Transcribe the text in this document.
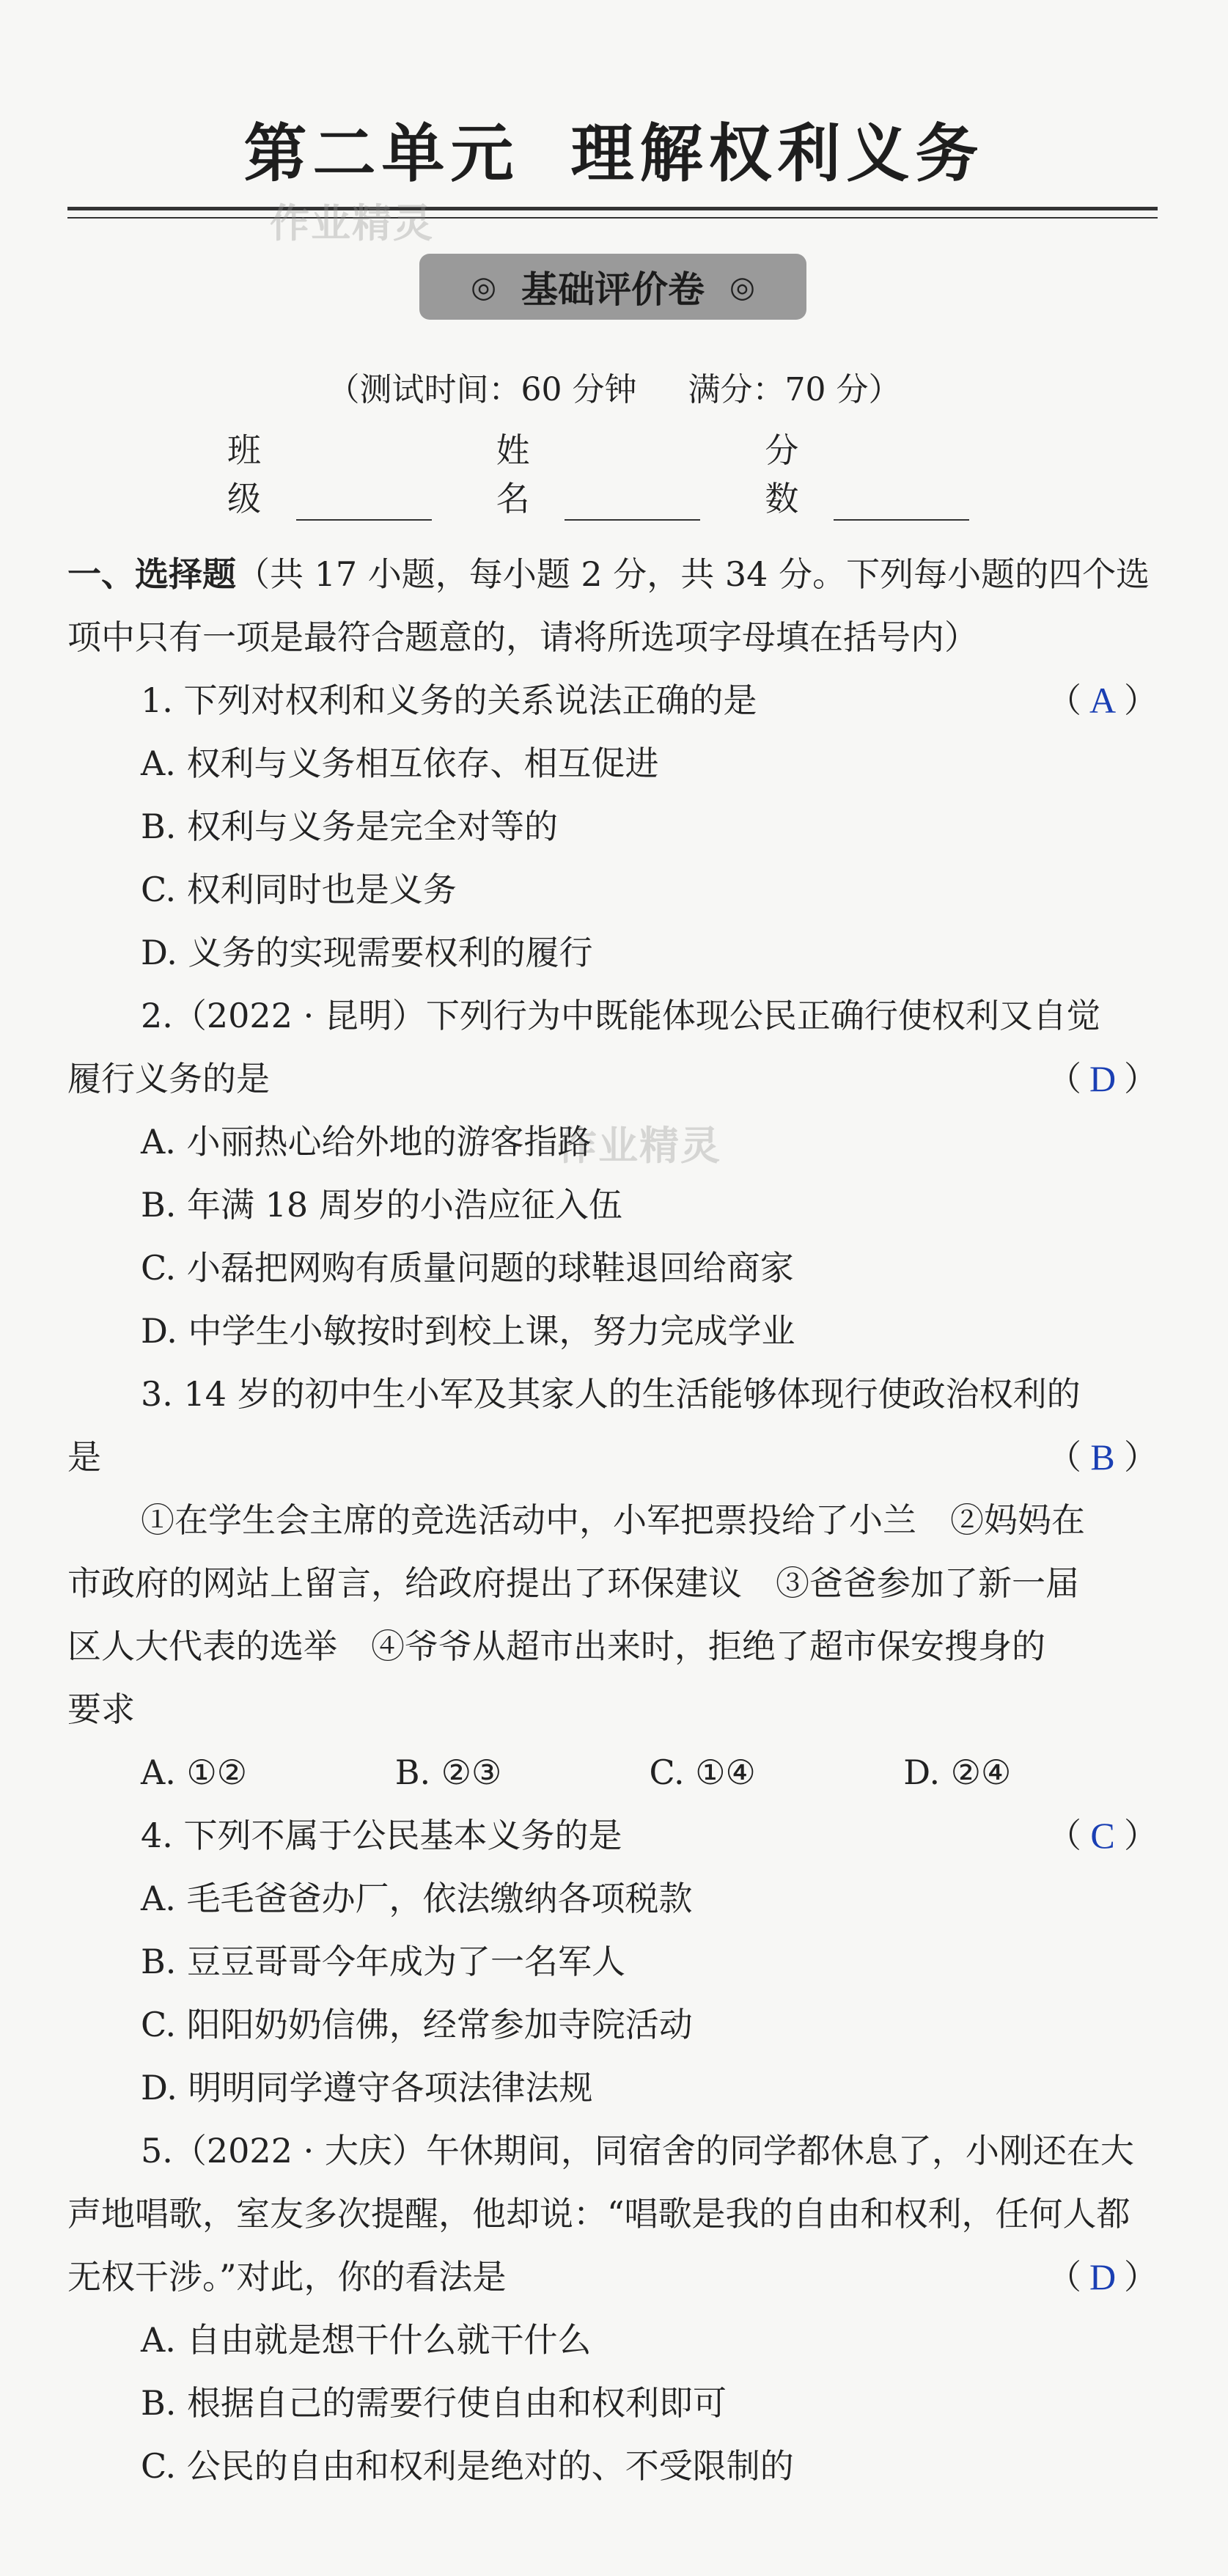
第二单元 理解权利义务
作业精灵
作业精灵
◎ 基础评价卷 ◎
（测试时间：60 分钟 满分：70 分）
班级
姓名
分数
一、选择题（共 17 小题，每小题 2 分，共 34 分。下列每小题的四个选
项中只有一项是最符合题意的，请将所选项字母填在括号内）
1. 下列对权利和义务的关系说法正确的是	（ A ）
A. 权利与义务相互依存、相互促进
B. 权利与义务是完全对等的
C. 权利同时也是义务
D. 义务的实现需要权利的履行
2.（2022 · 昆明）下列行为中既能体现公民正确行使权利又自觉
履行义务的是	（ D ）
A. 小丽热心给外地的游客指路
B. 年满 18 周岁的小浩应征入伍
C. 小磊把网购有质量问题的球鞋退回给商家
D. 中学生小敏按时到校上课，努力完成学业
3. 14 岁的初中生小军及其家人的生活能够体现行使政治权利的
是	（ B ）
①在学生会主席的竞选活动中，小军把票投给了小兰　②妈妈在
市政府的网站上留言，给政府提出了环保建议　③爸爸参加了新一届
区人大代表的选举　④爷爷从超市出来时，拒绝了超市保安搜身的
要求
A. ①②	B. ②③	C. ①④	D. ②④
4. 下列不属于公民基本义务的是	（ C ）
A. 毛毛爸爸办厂，依法缴纳各项税款
B. 豆豆哥哥今年成为了一名军人
C. 阳阳奶奶信佛，经常参加寺院活动
D. 明明同学遵守各项法律法规
5.（2022 · 大庆）午休期间，同宿舍的同学都休息了，小刚还在大
声地唱歌，室友多次提醒，他却说：“唱歌是我的自由和权利，任何人都
无权干涉。”对此，你的看法是	（ D ）
A. 自由就是想干什么就干什么
B. 根据自己的需要行使自由和权利即可
C. 公民的自由和权利是绝对的、不受限制的
